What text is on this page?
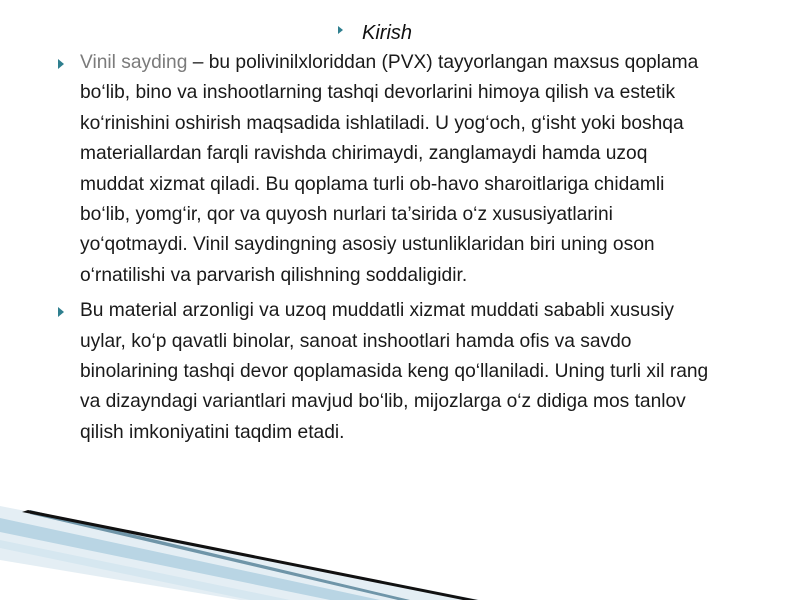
Kirish
Vinil sayding – bu polivinilxloriddan (PVX) tayyorlangan maxsus qoplama bo‘lib, bino va inshootlarning tashqi devorlarini himoya qilish va estetik ko‘rinishini oshirish maqsadida ishlatiladi. U yog‘och, g‘isht yoki boshqa materiallardan farqli ravishda chirimaydi, zanglamaydi hamda uzoq muddat xizmat qiladi. Bu qoplama turli ob-havo sharoitlariga chidamli bo‘lib, yomg‘ir, qor va quyosh nurlari ta’sirida o‘z xususiyatlarini yo‘qotmaydi. Vinil saydingning asosiy ustunliklaridan biri uning oson o‘rnatilishi va parvarish qilishning soddaligidir.
Bu material arzonligi va uzoq muddatli xizmat muddati sababli xususiy uylar, ko‘p qavatli binolar, sanoat inshootlari hamda ofis va savdo binolarining tashqi devor qoplamasida keng qo‘llaniladi. Uning turli xil rang va dizayndagi variantlari mavjud bo‘lib, mijozlarga o‘z didiga mos tanlov qilish imkoniyatini taqdim etadi.
